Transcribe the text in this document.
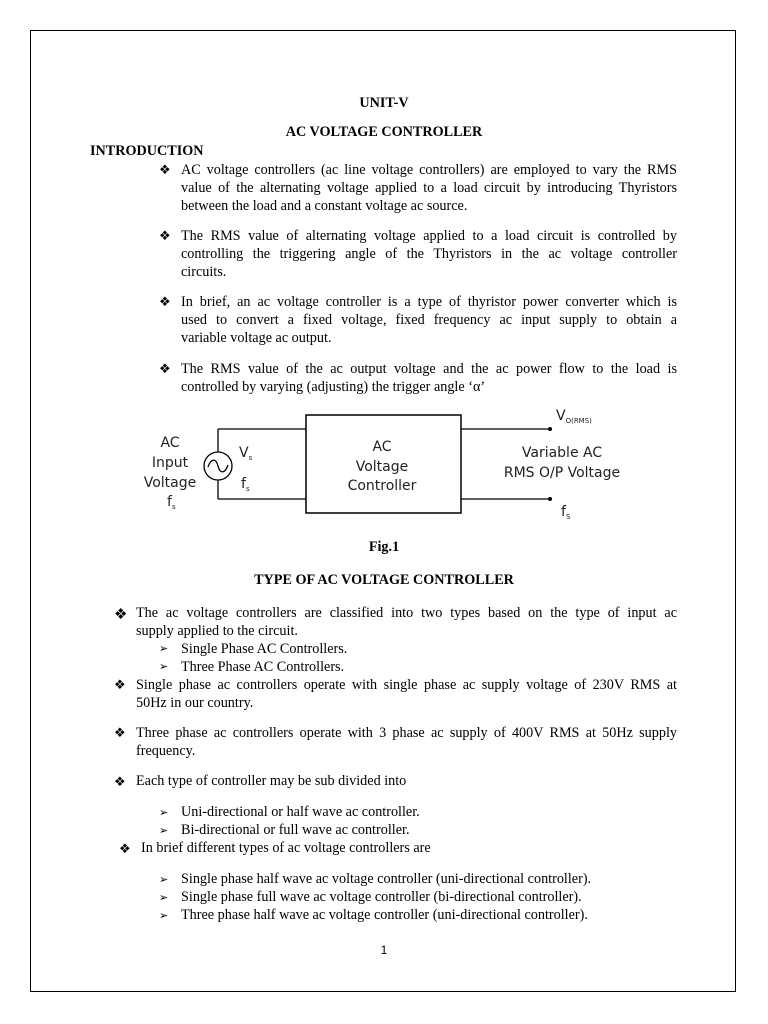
UNIT-V
AC VOLTAGE CONTROLLER
INTRODUCTION
❖ AC voltage controllers (ac line voltage controllers) are employed to vary the RMS
value of the alternating voltage applied to a load circuit by introducing Thyristors
between the load and a constant voltage ac source.
❖ The RMS value of alternating voltage applied to a load circuit is controlled by
controlling the triggering angle of the Thyristors in the ac voltage controller
circuits.
❖ In brief, an ac voltage controller is a type of thyristor power converter which is
used to convert a fixed voltage, fixed frequency ac input supply to obtain a
variable voltage ac output.
❖ The RMS value of the ac output voltage and the ac power flow to the load is
controlled by varying (adjusting) the trigger angle ‘α’
AC
Input
Voltage
$f_s$
$V_s$
$f_s$
AC
Voltage
Controller
$V_{O(RMS)}$
Variable AC
RMS O/P Voltage
$f_S$
Fig.1
TYPE OF AC VOLTAGE CONTROLLER
❖ The ac voltage controllers are classified into two types based on the type of input ac
supply applied to the circuit.
➢ Single Phase AC Controllers.
➢ Three Phase AC Controllers.
❖ Single phase ac controllers operate with single phase ac supply voltage of 230V RMS at
50Hz in our country.
❖ Three phase ac controllers operate with 3 phase ac supply of 400V RMS at 50Hz supply
frequency.
❖ Each type of controller may be sub divided into
➢ Uni-directional or half wave ac controller.
➢ Bi-directional or full wave ac controller.
❖ In brief different types of ac voltage controllers are
➢ Single phase half wave ac voltage controller (uni-directional controller).
➢ Single phase full wave ac voltage controller (bi-directional controller).
➢ Three phase half wave ac voltage controller (uni-directional controller).
1
